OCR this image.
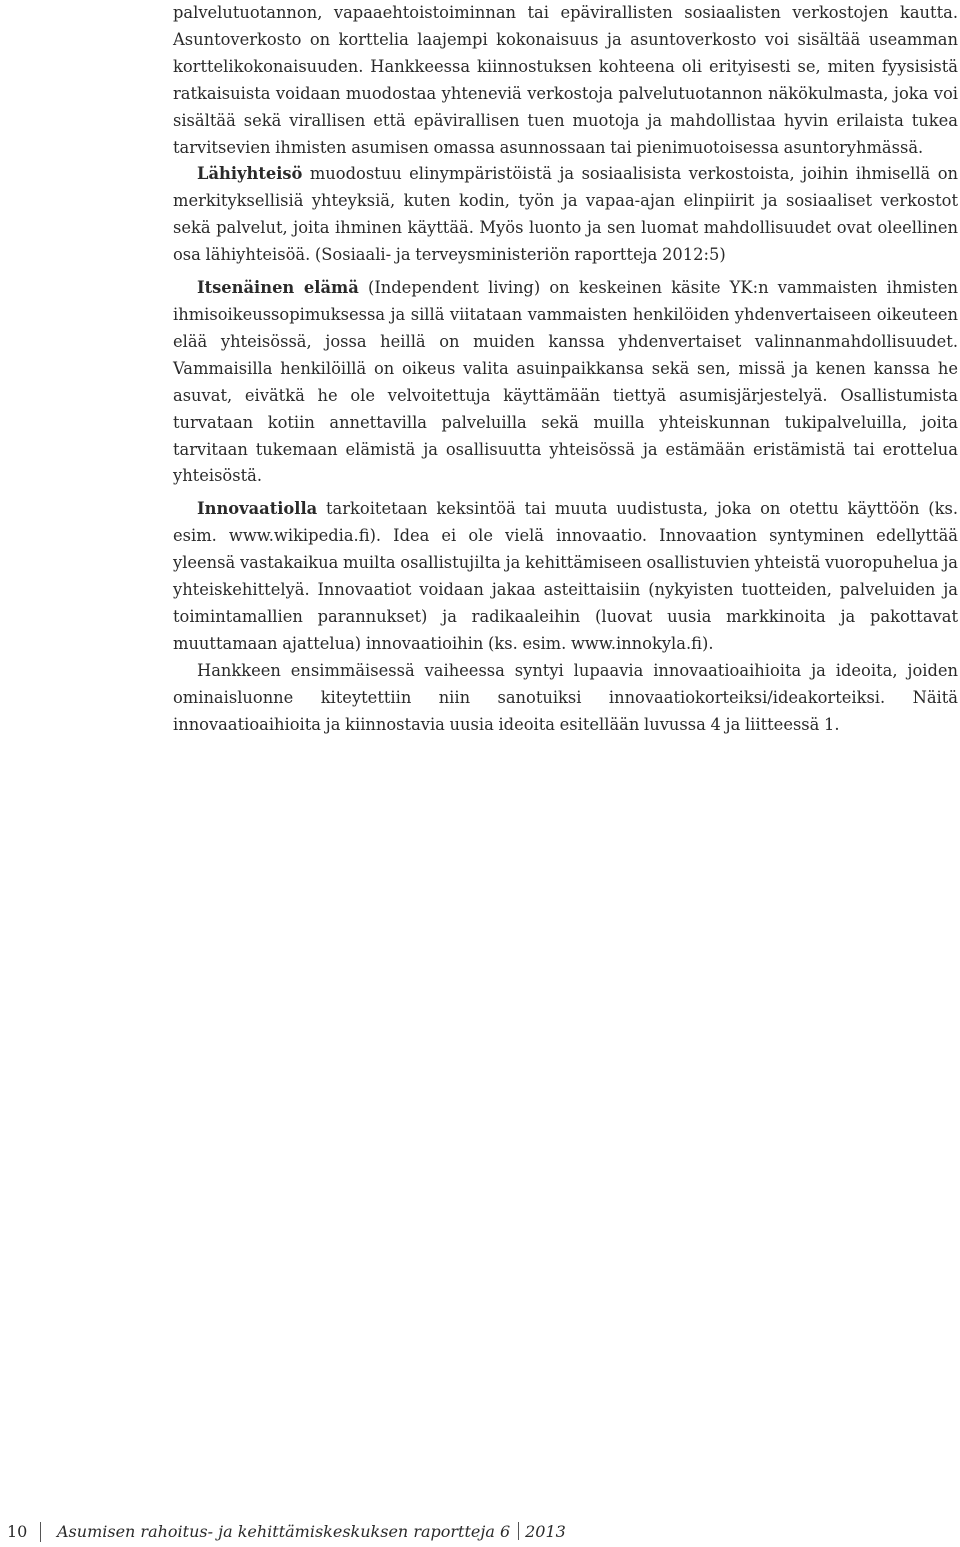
palvelutuotannon, vapaaehtoistoiminnan tai epävirallisten sosiaalisten verkostojen kautta. Asuntoverkosto on korttelia laajempi kokonaisuus ja asuntoverkosto voi sisältää useamman korttelikokonaisuuden. Hankkeessa kiinnostuksen kohteena oli erityisesti se, miten fyysisistä ratkaisuista voidaan muodostaa yhteneviä verkostoja palvelutuotannon näkökulmasta, joka voi sisältää sekä virallisen että epävirallisen tuen muotoja ja mahdollistaa hyvin erilaista tukea tarvitsevien ihmisten asumisen omassa asunnossaan tai pienimuotoisessa asuntoryhmässä.

Lähiyhteisö muodostuu elinympäristöistä ja sosiaalisista verkostoista, joihin ihmisellä on merkityksellisiä yhteyksiä, kuten kodin, työn ja vapaa-ajan elinpiirit ja sosiaaliset verkostot sekä palvelut, joita ihminen käyttää. Myös luonto ja sen luomat mahdollisuudet ovat oleellinen osa lähiyhteisöä. (Sosiaali- ja terveysministeriön raportteja 2012:5)

Itsenäinen elämä (Independent living) on keskeinen käsite YK:n vammaisten ihmisten ihmisoikeussopimuksessa ja sillä viitataan vammaisten henkilöiden yhdenvertaiseen oikeuteen elää yhteisössä, jossa heillä on muiden kanssa yhdenvertaiset valinnanmahdollisuudet. Vammaisilla henkilöillä on oikeus valita asuinpaikkansa sekä sen, missä ja kenen kanssa he asuvat, eivätkä he ole velvoitettuja käyttämään tiettyä asumisjärjestelyä. Osallistumista turvataan kotiin annettavilla palveluilla sekä muilla yhteiskunnan tukipalveluilla, joita tarvitaan tukemaan elämistä ja osallisuutta yhteisössä ja estämään eristämistä tai erottelua yhteisöstä.

Innovaatiolla tarkoitetaan keksintöä tai muuta uudistusta, joka on otettu käyttöön (ks. esim. www.wikipedia.fi). Idea ei ole vielä innovaatio. Innovaation syntyminen edellyttää yleensä vastakaikua muilta osallistujilta ja kehittämiseen osallistuvien yhteistä vuoropuhelua ja yhteiskehittelyä. Innovaatiot voidaan jakaa asteittaisiin (nykyisten tuotteiden, palveluiden ja toimintamallien parannukset) ja radikaaleihin (luovat uusia markkinoita ja pakottavat muuttamaan ajattelua) innovaatioihin (ks. esim. www.innokyla.fi).

Hankkeen ensimmäisessä vaiheessa syntyi lupaavia innovaatioaihioita ja ideoita, joiden ominaisluonne kiteytettiin niin sanotuiksi innovaatiokorteiksi/ideakorteiksi. Näitä innovaatioaihioita ja kiinnostavia uusia ideoita esitellään luvussa 4 ja liitteessä 1.

10 Asumisen rahoitus- ja kehittämiskeskuksen raportteja 6 2013
